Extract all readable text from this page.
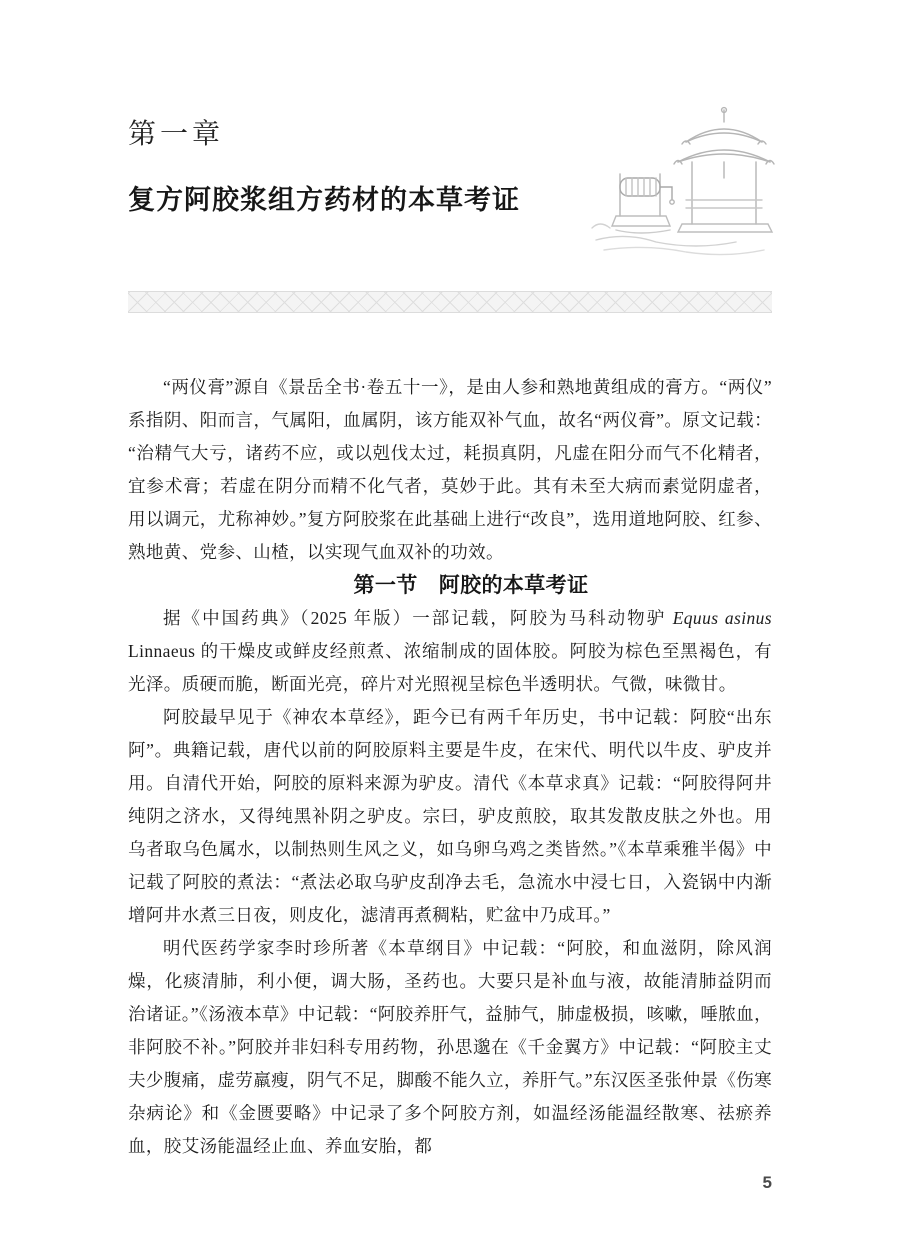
第一章
复方阿胶浆组方药材的本草考证

“两仪膏”源自《景岳全书·卷五十一》，是由人参和熟地黄组成的膏方。“两仪”系指阴、阳而言，气属阳，血属阴，该方能双补气血，故名“两仪膏”。原文记载：“治精气大亏，诸药不应，或以剋伐太过，耗损真阴，凡虚在阳分而气不化精者，宜参术膏；若虚在阴分而精不化气者，莫妙于此。其有未至大病而素觉阴虚者，用以调元，尤称神妙。”复方阿胶浆在此基础上进行“改良”，选用道地阿胶、红参、熟地黄、党参、山楂，以实现气血双补的功效。

第一节 阿胶的本草考证

据《中国药典》（2025 年版）一部记载，阿胶为马科动物驴 Equus asinus Linnaeus 的干燥皮或鲜皮经煎煮、浓缩制成的固体胶。阿胶为棕色至黑褐色，有光泽。质硬而脆，断面光亮，碎片对光照视呈棕色半透明状。气微，味微甘。

阿胶最早见于《神农本草经》，距今已有两千年历史，书中记载：阿胶“出东阿”。典籍记载，唐代以前的阿胶原料主要是牛皮，在宋代、明代以牛皮、驴皮并用。自清代开始，阿胶的原料来源为驴皮。清代《本草求真》记载：“阿胶得阿井纯阴之济水，又得纯黑补阴之驴皮。宗曰，驴皮煎胶，取其发散皮肤之外也。用乌者取乌色属水，以制热则生风之义，如乌卵乌鸡之类皆然。”《本草乘雅半偈》中记载了阿胶的煮法：“煮法必取乌驴皮刮净去毛，急流水中浸七日，入瓷锅中内渐增阿井水煮三日夜，则皮化，滤清再煮稠粘，贮盆中乃成耳。”

明代医药学家李时珍所著《本草纲目》中记载：“阿胶，和血滋阴，除风润燥，化痰清肺，利小便，调大肠，圣药也。大要只是补血与液，故能清肺益阴而治诸证。”《汤液本草》中记载：“阿胶养肝气，益肺气，肺虚极损，咳嗽，唾脓血，非阿胶不补。”阿胶并非妇科专用药物，孙思邈在《千金翼方》中记载：“阿胶主丈夫少腹痛，虚劳羸瘦，阴气不足，脚酸不能久立，养肝气。”东汉医圣张仲景《伤寒杂病论》和《金匮要略》中记录了多个阿胶方剂，如温经汤能温经散寒、祛瘀养血，胶艾汤能温经止血、养血安胎，都

5
